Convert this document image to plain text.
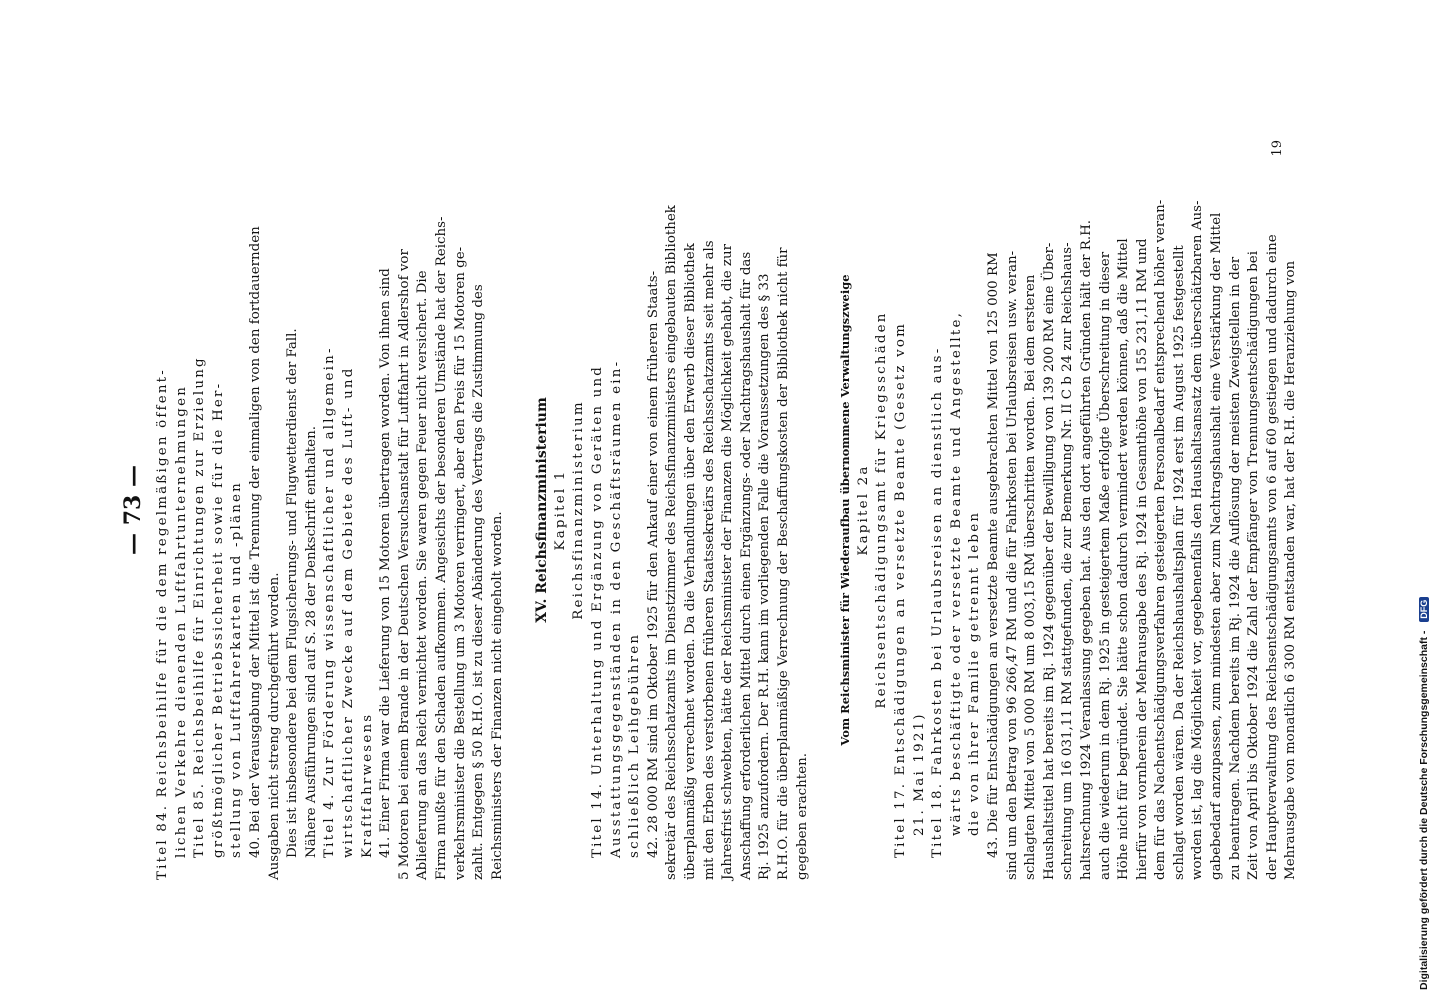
— 73 — Titel 84. Reichsbeihilfe für die dem regelmäßigen öffent- lichen Verkehre dienenden Luftfahrtunternehmungen Titel 85. Reichsbeihilfe für Einrichtungen zur Erzielung größtmöglicher Betriebssicherheit sowie für die Her- stellung von Luftfahrerkarten und -plänen 40. Bei der Verausgabung der Mittel ist die Trennung der einmaligen von den fortdauernden Ausgaben nicht streng durchgeführt worden. Dies ist insbesondere bei dem Flugsicherungs- und Flugwetterdienst der Fall. Nähere Ausführungen sind auf S. 28 der Denkschrift enthalten. Titel 4. Zur Förderung wissenschaftlicher und allgemein- wirtschaftlicher Zwecke auf dem Gebiete des Luft- und Kraftfahrwesens 41. Einer Firma war die Lieferung von 15 Motoren übertragen worden. Von ihnen sind 5 Motoren bei einem Brande in der Deutschen Versuchsanstalt für Luftfahrt in Adlershof vor Ablieferung an das Reich vernichtet worden. Sie waren gegen Feuer nicht versichert. Die Firma mußte für den Schaden aufkommen. Angesichts der besonderen Umstände hat der Reichs- verkehrsminister die Bestellung um 3 Motoren verringert, aber den Preis für 15 Motoren ge- zahlt. Entgegen § 50 R.H.O. ist zu dieser Abänderung des Vertrags die Zustimmung des Reichsministers der Finanzen nicht eingeholt worden.

XV. Reichsfinanzministerium Kapitel 1 Reichsfinanzministerium Titel 14. Unterhaltung und Ergänzung von Geräten und Ausstattungsgegenständen in den Geschäftsräumen ein- schließlich Leihgebühren 42. 28 000 RM sind im Oktober 1925 für den Ankauf einer von einem früheren Staats- sekretär des Reichsschatzamts im Dienstzimmer des Reichsfinanzministers eingebauten Bibliothek überplanmäßig verrechnet worden. Da die Verhandlungen über den Erwerb dieser Bibliothek mit den Erben des verstorbenen früheren Staatssekretärs des Reichsschatzamts seit mehr als Jahresfrist schwebten, hätte der Reichsminister der Finanzen die Möglichkeit gehabt, die zur Anschaffung erforderlichen Mittel durch einen Ergänzungs- oder Nachtragshaushalt für das Rj. 1925 anzufordern. Der R.H. kann im vorliegenden Falle die Voraussetzungen des § 33 R.H.O. für die überplanmäßige Verrechnung der Beschaffungskosten der Bibliothek nicht für gegeben erachten.

Vom Reichsminister für Wiederaufbau übernommene Verwaltungszweige Kapitel 2a Reichsentschädigungsamt für Kriegsschäden Titel 17. Entschädigungen an versetzte Beamte (Gesetz vom 21. Mai 1921) Titel 18. Fahrkosten bei Urlaubsreisen an dienstlich aus- wärts beschäftigte oder versetzte Beamte und Angestellte, die von ihrer Familie getrennt leben 43. Die für Entschädigungen an versetzte Beamte ausgebrachten Mittel von 125 000 RM sind um den Betrag von 96 266,47 RM und die für Fahrkosten bei Urlaubsreisen usw. veran- schlagten Mittel von 5 000 RM um 8 003,15 RM überschritten worden. Bei dem ersteren Haushaltstitel hat bereits im Rj. 1924 gegenüber der Bewilligung von 139 200 RM eine Über- schreitung um 16 031,11 RM stattgefunden, die zur Bemerkung Nr. II C b 24 zur Reichshaus- haltsrechnung 1924 Veranlassung gegeben hat. Aus den dort angeführten Gründen hält der R.H. auch die wiederum in dem Rj. 1925 in gesteigertem Maße erfolgte Überschreitung in dieser Höhe nicht für begründet. Sie hätte schon dadurch vermindert werden können, daß die Mittel hierfür von vornherein der Mehrausgabe des Rj. 1924 in Gesamthöhe von 155 231,11 RM und dem für das Nachentschädigungsverfahren gesteigerten Personalbedarf entsprechend höher veran- schlagt worden wären. Da der Reichshaushaltsplan für 1924 erst im August 1925 festgestellt worden ist, lag die Möglichkeit vor, gegebenenfalls den Haushaltsansatz dem überschätzbaren Aus- gabebedarf anzupassen, zum mindesten aber zum Nachtragshaushalt eine Verstärkung der Mittel zu beantragen. Nachdem bereits im Rj. 1924 die Auflösung der meisten Zweigstellen in der Zeit von April bis Oktober 1924 die Zahl der Empfänger von Trennungsentschädigungen bei der Hauptverwaltung des Reichsentschädigungsamts von 6 auf 60 gestiegen und dadurch eine Mehrausgabe von monatlich 6 300 RM entstanden war, hat der R.H. die Heranziehung von

19
Digitalisierung gefördert durch die Deutsche Forschungsgemeinschaft - DFG
